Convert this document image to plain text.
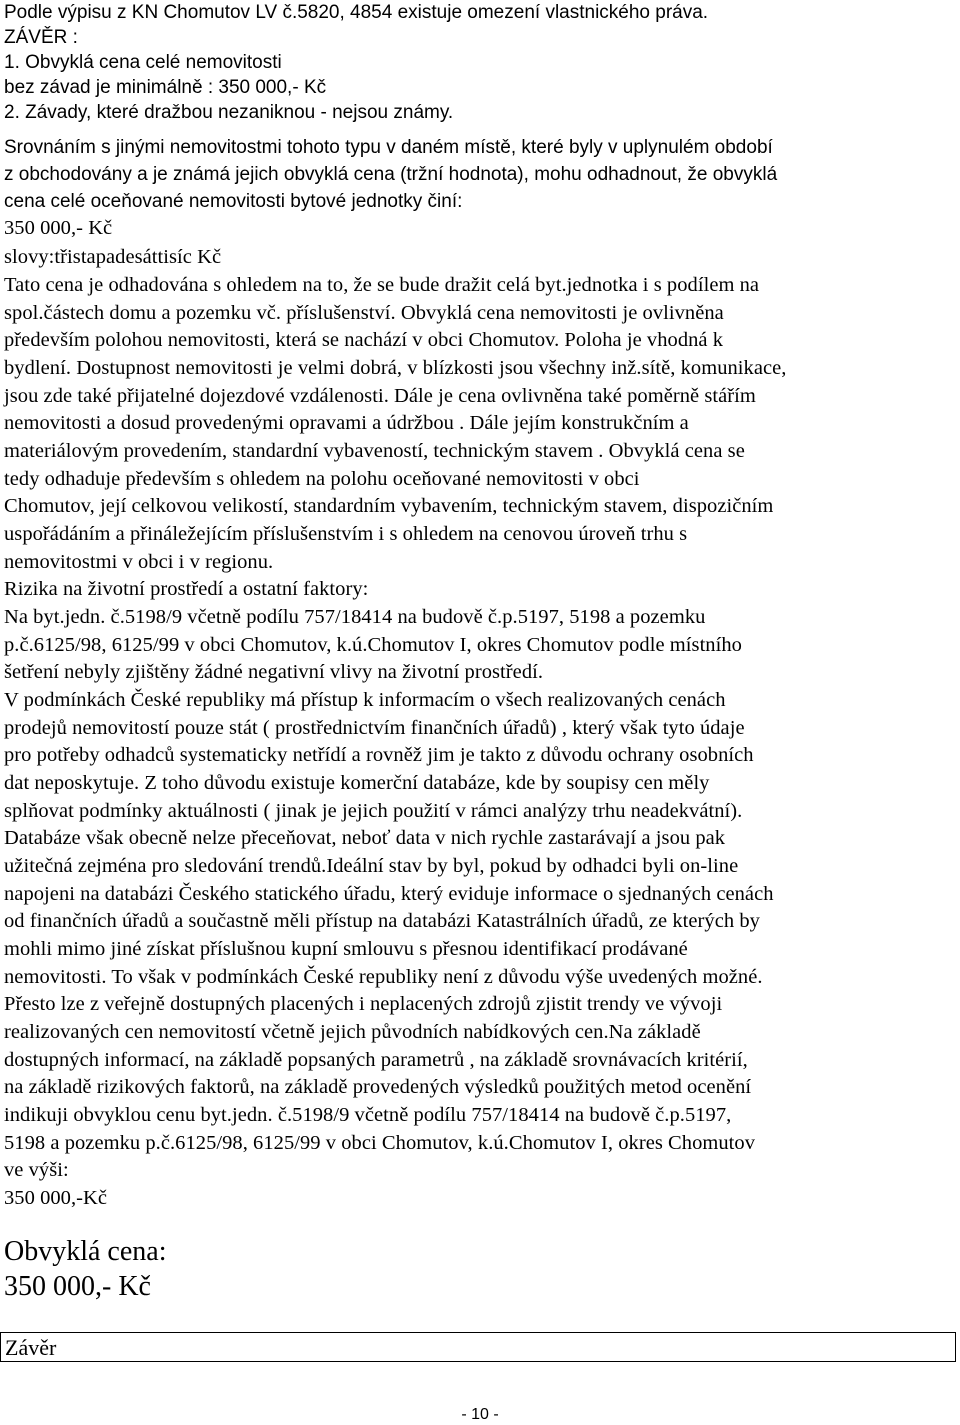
Podle výpisu z KN Chomutov LV č.5820, 4854 existuje omezení vlastnického práva.
ZÁVĚR :
1. Obvyklá cena celé nemovitosti
bez závad je minimálně : 350 000,- Kč
2. Závady, které dražbou nezaniknou - nejsou známy.
Srovnáním s jinými nemovitostmi tohoto typu v daném místě, které byly v uplynulém období
z obchodovány a je známá jejich obvyklá cena (tržní hodnota), mohu odhadnout, že obvyklá
cena celé oceňované nemovitosti bytové jednotky činí:
350 000,- Kč
slovy:třistapadesáttisíc Kč
Tato cena je odhadována s ohledem na to, že se bude dražit celá byt.jednotka i s podílem na
spol.částech domu a pozemku vč. příslušenství. Obvyklá cena nemovitosti je ovlivněna
především polohou nemovitosti, která se nachází v obci Chomutov. Poloha je vhodná k
bydlení. Dostupnost nemovitosti je velmi dobrá, v blízkosti jsou všechny inž.sítě, komunikace,
jsou zde také přijatelné dojezdové vzdálenosti. Dále je cena ovlivněna také poměrně stářím
nemovitosti a dosud provedenými opravami a údržbou . Dále jejím konstrukčním a
materiálovým provedením, standardní vybaveností, technickým stavem . Obvyklá cena se
tedy odhaduje především s ohledem na polohu oceňované nemovitosti v obci
Chomutov, její celkovou velikostí, standardním vybavením, technickým stavem, dispozičním
uspořádáním a přináležejícím příslušenstvím i s ohledem na cenovou úroveň trhu s
nemovitostmi v obci i v regionu.
Rizika na životní prostředí a ostatní faktory:
Na byt.jedn. č.5198/9 včetně podílu 757/18414 na budově č.p.5197, 5198 a pozemku
p.č.6125/98, 6125/99 v obci Chomutov, k.ú.Chomutov I, okres Chomutov podle místního
šetření nebyly zjištěny žádné negativní vlivy na životní prostředí.
V podmínkách České republiky má přístup k informacím o všech realizovaných cenách
prodejů nemovitostí pouze stát ( prostřednictvím finančních úřadů) , který však tyto údaje
pro potřeby odhadců systematicky netřídí a rovněž jim je takto z důvodu ochrany osobních
dat neposkytuje. Z toho důvodu existuje komerční databáze, kde by soupisy cen měly
splňovat podmínky aktuálnosti ( jinak je jejich použití v rámci analýzy trhu neadekvátní).
Databáze však obecně nelze přeceňovat, neboť data v nich rychle zastarávají a jsou pak
užitečná zejména pro sledování trendů.Ideální stav by byl, pokud by odhadci byli on-line
napojeni na databázi Českého statického úřadu, který eviduje informace o sjednaných cenách
od finančních úřadů a součastně měli přístup na databázi Katastrálních úřadů, ze kterých by
mohli mimo jiné získat příslušnou kupní smlouvu s přesnou identifikací prodávané
nemovitosti. To však v podmínkách České republiky není z důvodu výše uvedených možné.
Přesto lze z veřejně dostupných placených i neplacených zdrojů zjistit trendy ve vývoji
realizovaných cen nemovitostí včetně jejich původních nabídkových cen.Na základě
dostupných informací, na základě popsaných parametrů , na základě srovnávacích kritérií,
na základě rizikových faktorů, na základě provedených výsledků použitých metod ocenění
indikuji obvyklou cenu byt.jedn. č.5198/9 včetně podílu 757/18414 na budově č.p.5197,
5198 a pozemku p.č.6125/98, 6125/99 v obci Chomutov, k.ú.Chomutov I, okres Chomutov
ve výši:
350 000,-Kč
Obvyklá cena:
350 000,- Kč
Závěr
- 10 -
